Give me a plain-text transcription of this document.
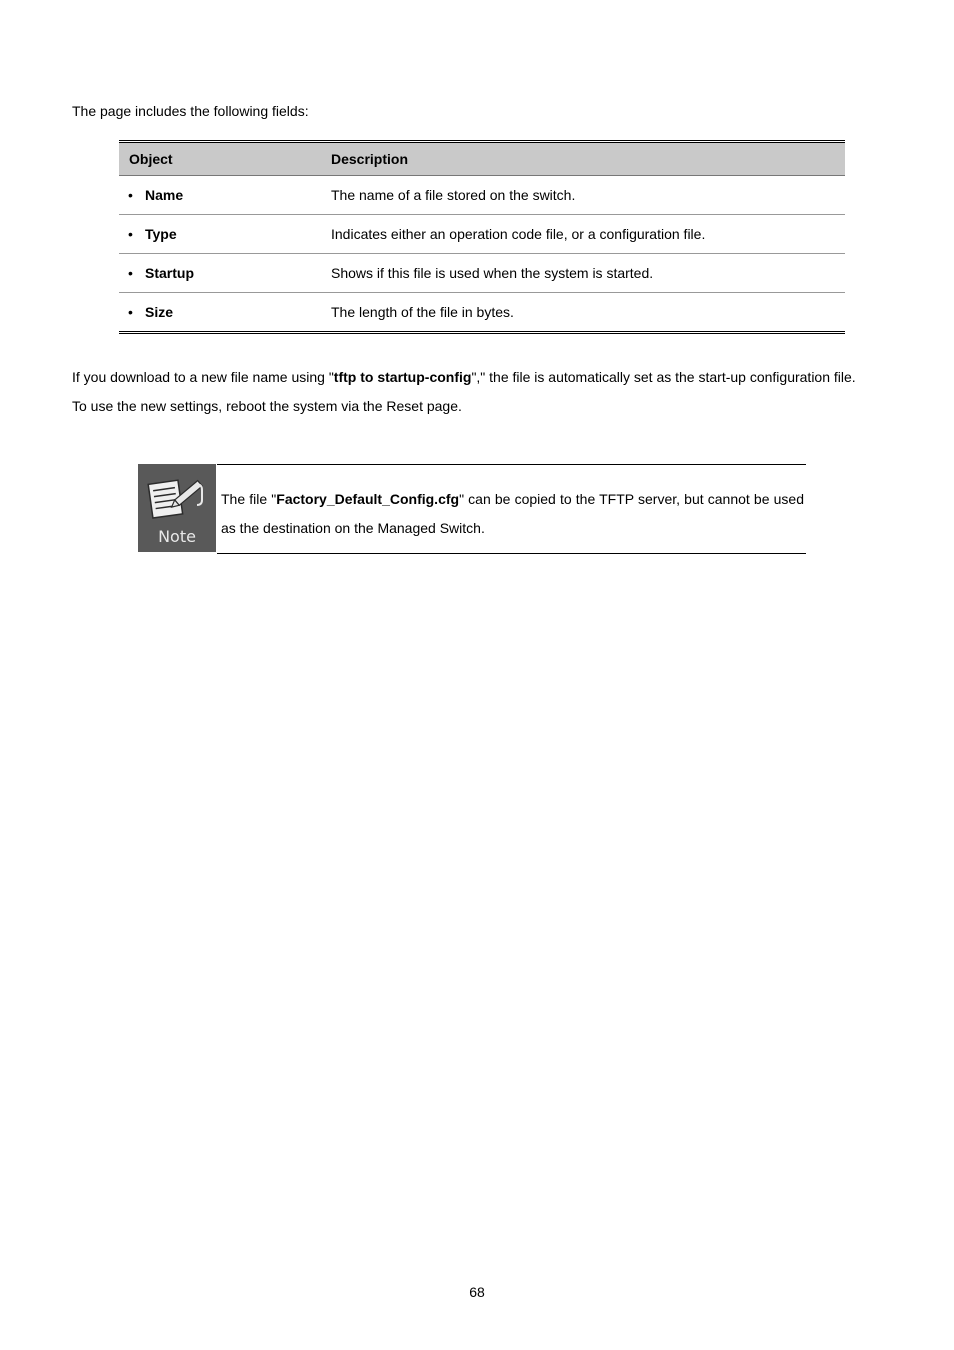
The page includes the following fields:

Object	Description
• Name	The name of a file stored on the switch.
• Type	Indicates either an operation code file, or a configuration file.
• Startup	Shows if this file is used when the system is started.
• Size	The length of the file in bytes.

If you download to a new file name using "tftp to startup-config"," the file is automatically set as the start-up configuration file.

To use the new settings, reboot the system via the Reset page.

Note

The file "Factory_Default_Config.cfg" can be copied to the TFTP server, but cannot be used as the destination on the Managed Switch.

68
